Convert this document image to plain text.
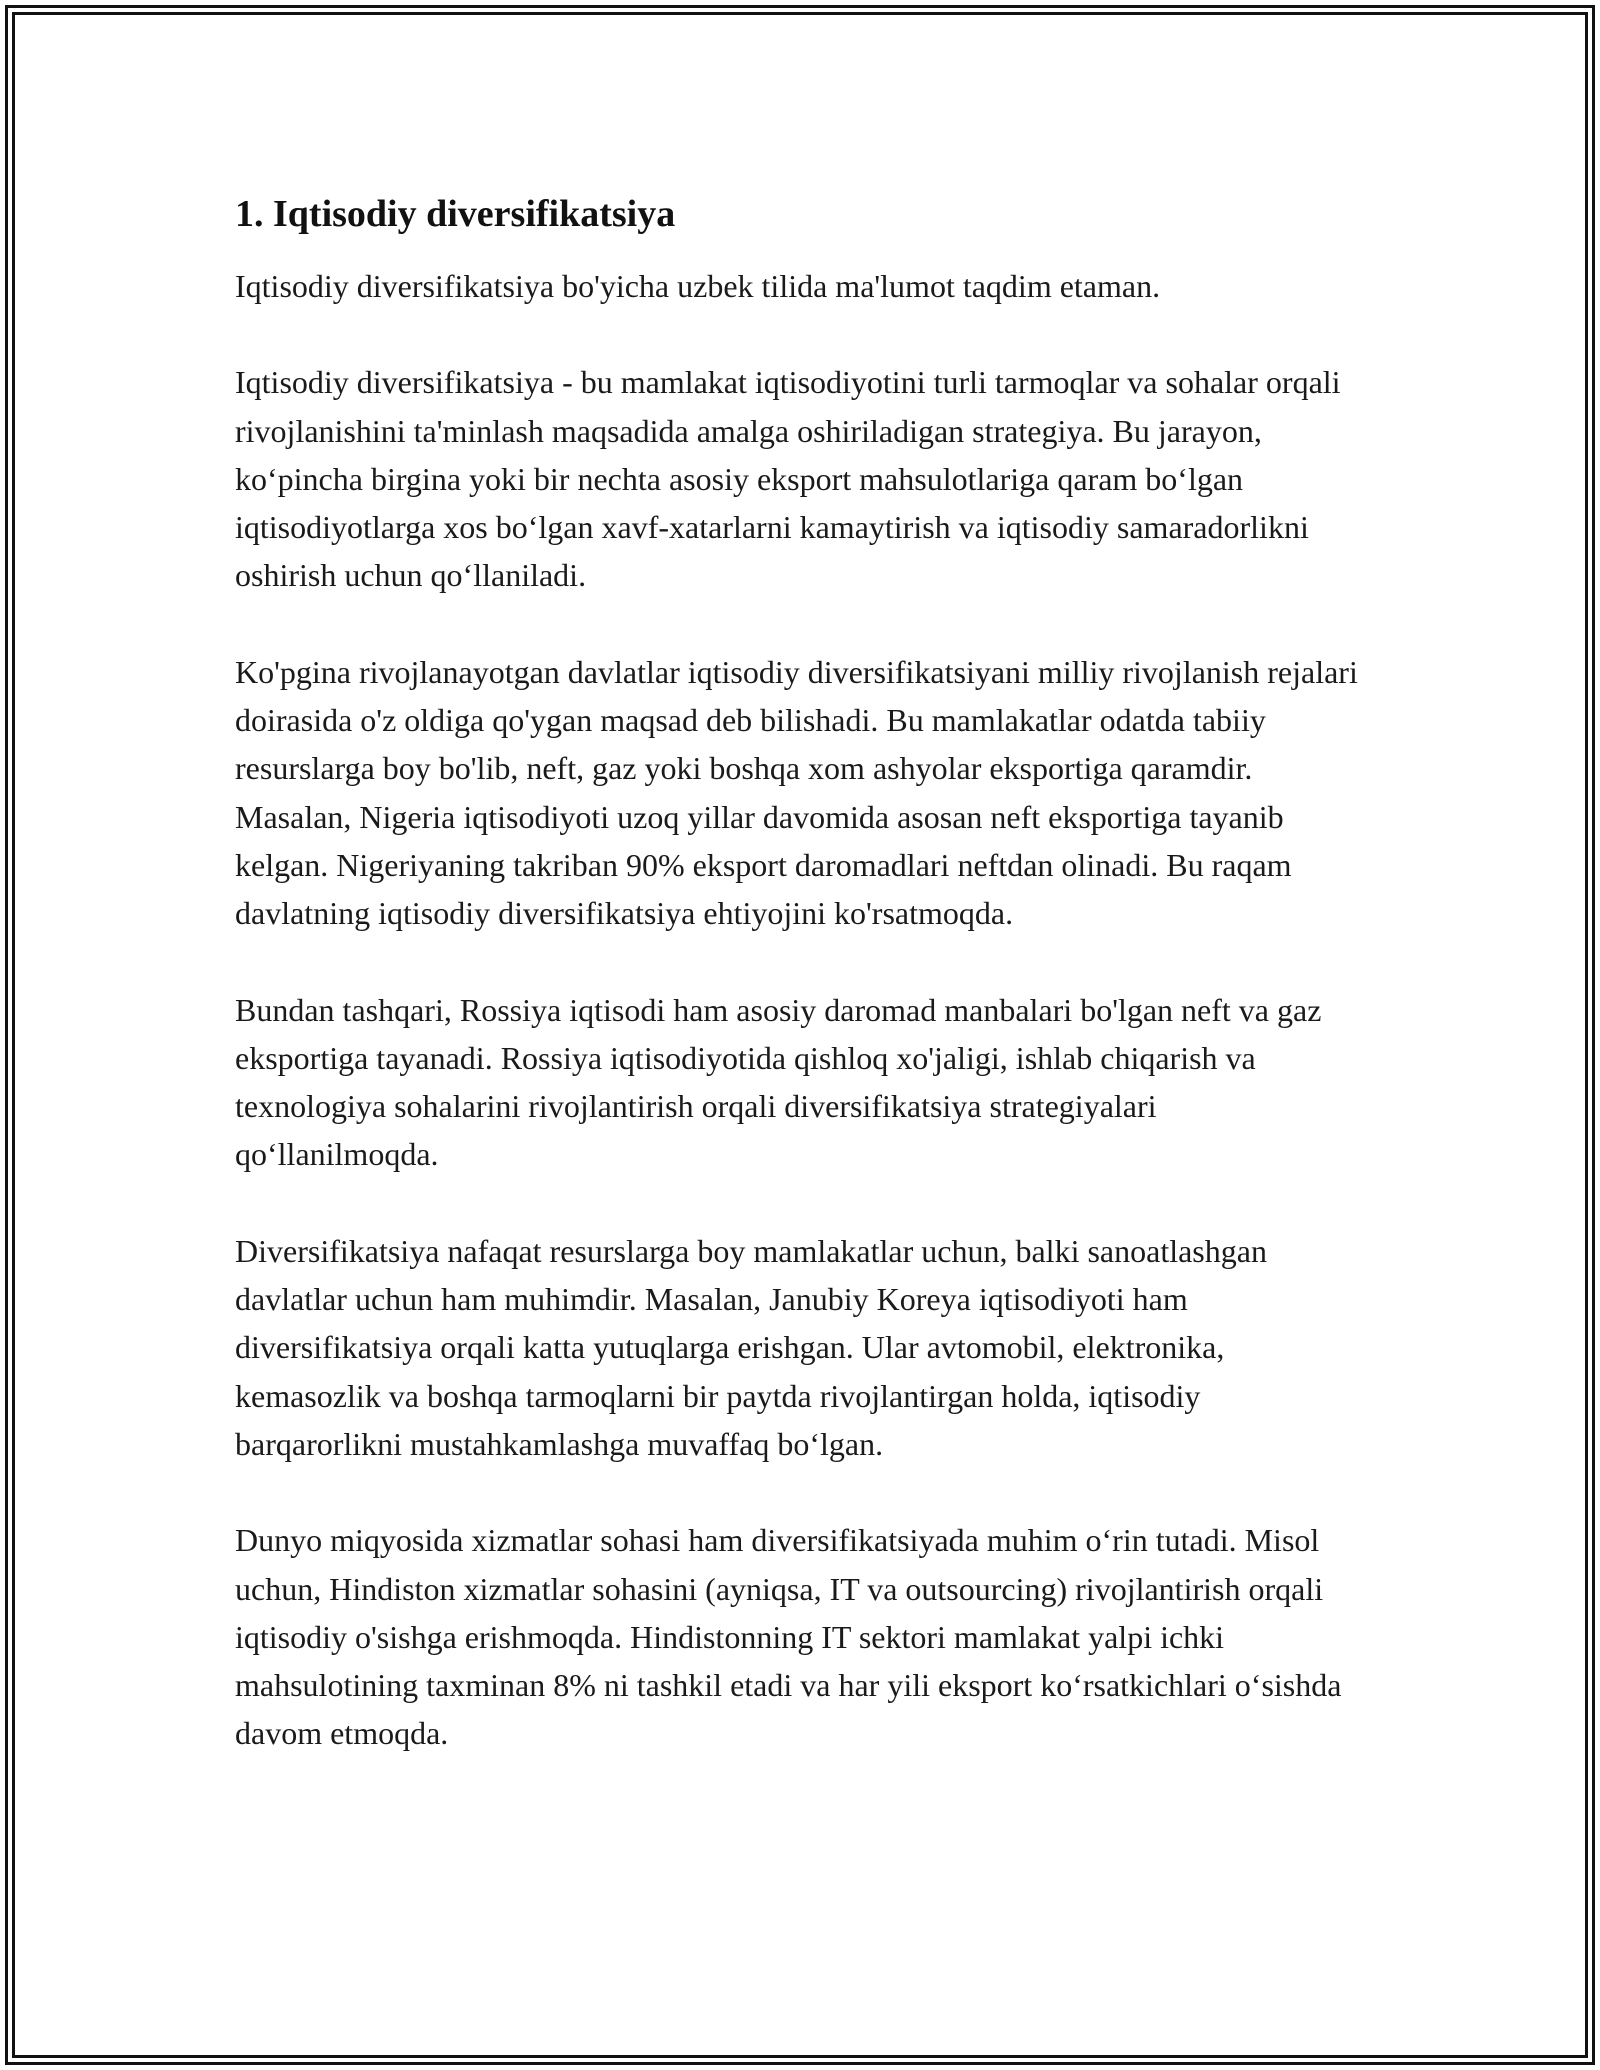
1. Iqtisodiy diversifikatsiya

Iqtisodiy diversifikatsiya bo'yicha uzbek tilida ma'lumot taqdim etaman.

Iqtisodiy diversifikatsiya - bu mamlakat iqtisodiyotini turli tarmoqlar va sohalar orqali rivojlanishini ta'minlash maqsadida amalga oshiriladigan strategiya. Bu jarayon, koʻpincha birgina yoki bir nechta asosiy eksport mahsulotlariga qaram boʻlgan iqtisodiyotlarga xos boʻlgan xavf-xatarlarni kamaytirish va iqtisodiy samaradorlikni oshirish uchun qoʻllaniladi.

Ko'pgina rivojlanayotgan davlatlar iqtisodiy diversifikatsiyani milliy rivojlanish rejalari doirasida o'z oldiga qo'ygan maqsad deb bilishadi. Bu mamlakatlar odatda tabiiy resurslarga boy bo'lib, neft, gaz yoki boshqa xom ashyolar eksportiga qaramdir. Masalan, Nigeria iqtisodiyoti uzoq yillar davomida asosan neft eksportiga tayanib kelgan. Nigeriyaning takriban 90% eksport daromadlari neftdan olinadi. Bu raqam davlatning iqtisodiy diversifikatsiya ehtiyojini ko'rsatmoqda.

Bundan tashqari, Rossiya iqtisodi ham asosiy daromad manbalari bo'lgan neft va gaz eksportiga tayanadi. Rossiya iqtisodiyotida qishloq xo'jaligi, ishlab chiqarish va texnologiya sohalarini rivojlantirish orqali diversifikatsiya strategiyalari qoʻllanilmoqda.

Diversifikatsiya nafaqat resurslarga boy mamlakatlar uchun, balki sanoatlashgan davlatlar uchun ham muhimdir. Masalan, Janubiy Koreya iqtisodiyoti ham diversifikatsiya orqali katta yutuqlarga erishgan. Ular avtomobil, elektronika, kemasozlik va boshqa tarmoqlarni bir paytda rivojlantirgan holda, iqtisodiy barqarorlikni mustahkamlashga muvaffaq boʻlgan.

Dunyo miqyosida xizmatlar sohasi ham diversifikatsiyada muhim oʻrin tutadi. Misol uchun, Hindiston xizmatlar sohasini (ayniqsa, IT va outsourcing) rivojlantirish orqali iqtisodiy o'sishga erishmoqda. Hindistonning IT sektori mamlakat yalpi ichki mahsulotining taxminan 8% ni tashkil etadi va har yili eksport koʻrsatkichlari oʻsishda davom etmoqda.
